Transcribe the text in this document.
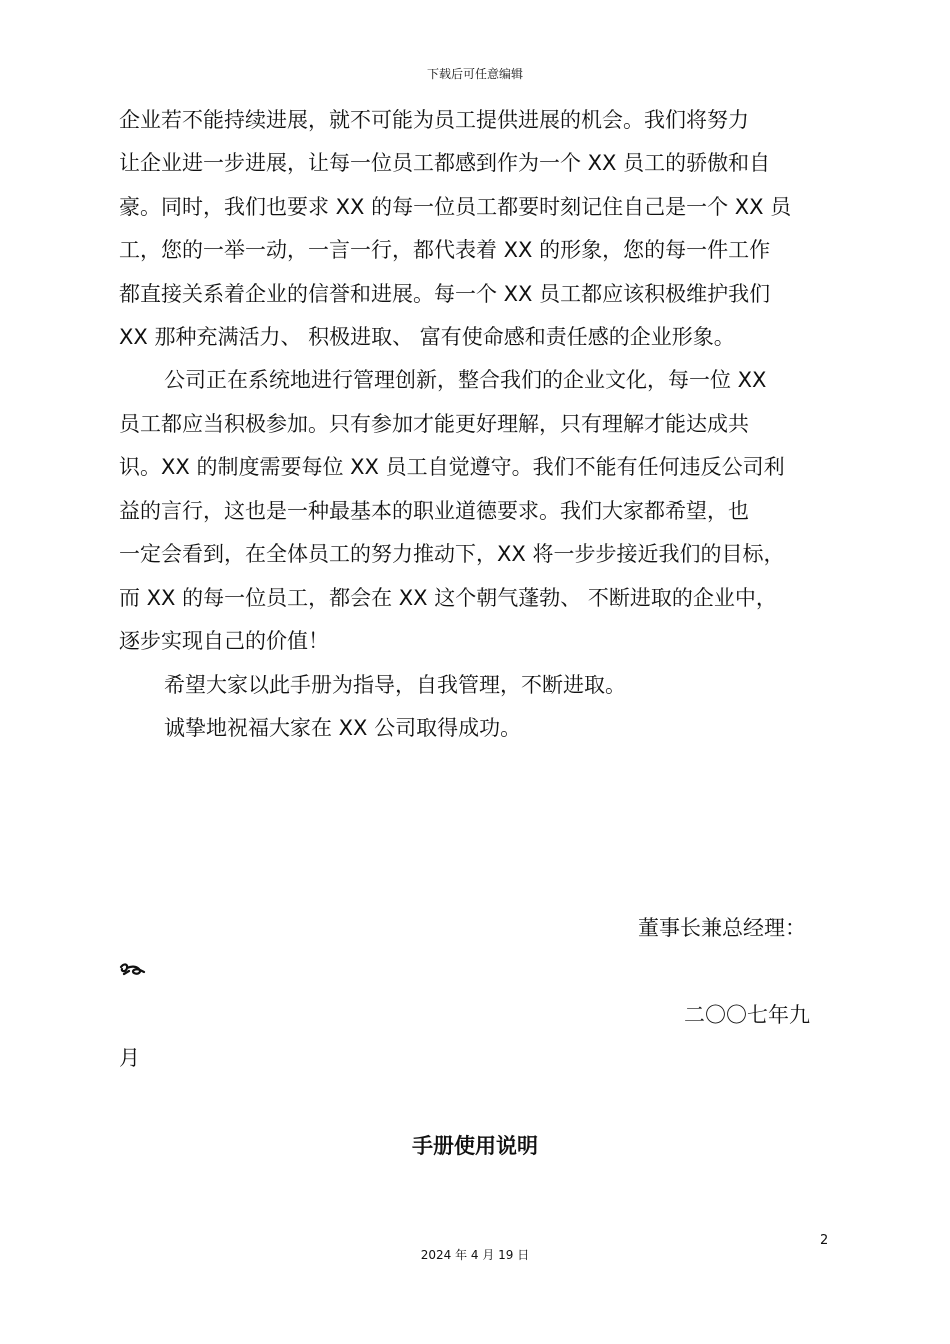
下载后可任意编辑
企业若不能持续进展，就不可能为员工提供进展的机会。我们将努力
让企业进一步进展，让每一位员工都感到作为一个 XX 员工的骄傲和自
豪。同时，我们也要求 XX 的每一位员工都要时刻记住自己是一个 XX 员
工，您的一举一动，一言一行，都代表着 XX 的形象，您的每一件工作
都直接关系着企业的信誉和进展。每一个 XX 员工都应该积极维护我们
XX 那种充满活力、 积极进取、 富有使命感和责任感的企业形象。
公司正在系统地进行管理创新，整合我们的企业文化，每一位 XX
员工都应当积极参加。只有参加才能更好理解，只有理解才能达成共
识。XX 的制度需要每位 XX 员工自觉遵守。我们不能有任何违反公司利
益的言行，这也是一种最基本的职业道德要求。我们大家都希望，也
一定会看到，在全体员工的努力推动下，XX 将一步步接近我们的目标，
而 XX 的每一位员工，都会在 XX 这个朝气蓬勃、 不断进取的企业中，
逐步实现自己的价值！
希望大家以此手册为指导，自我管理，不断进取。
诚挚地祝福大家在 XX 公司取得成功。
董事长兼总经理：
二〇〇七年九
月
手册使用说明
2
2024 年 4 月 19 日
